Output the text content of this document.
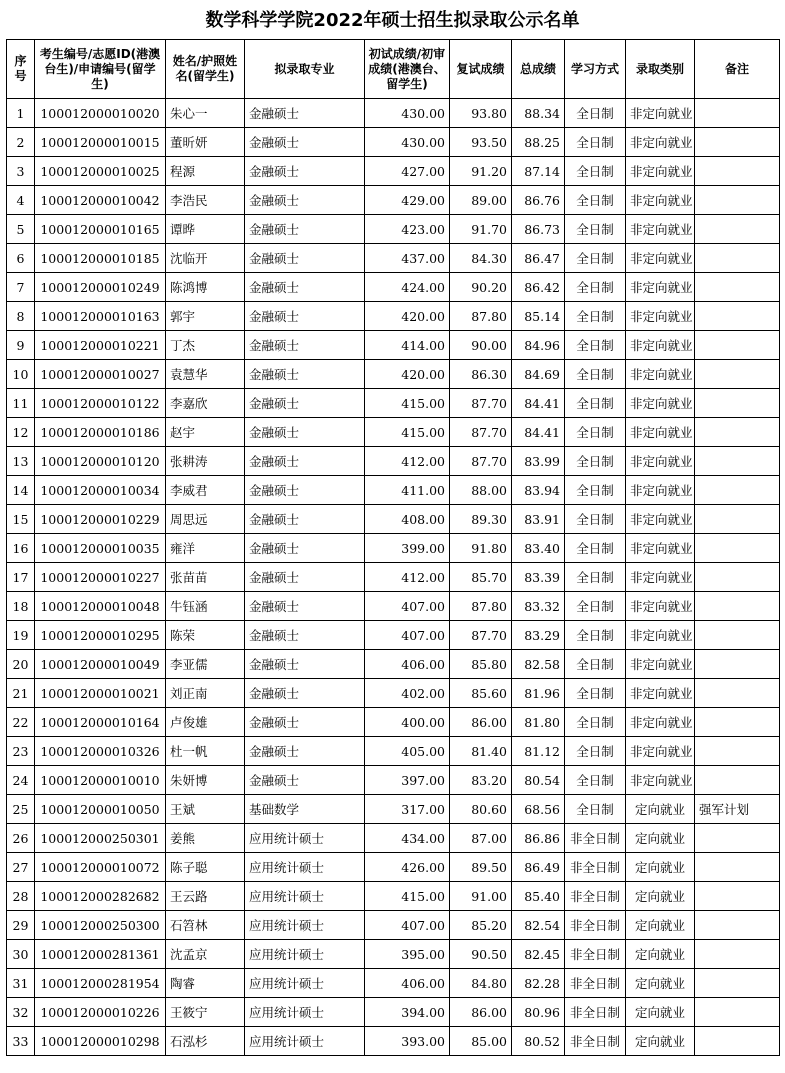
数学科学学院2022年硕士招生拟录取公示名单
序号	考生编号/志愿ID(港澳台生)/申请编号(留学生)	姓名/护照姓名(留学生)	拟录取专业	初试成绩/初审成绩(港澳台、留学生)	复试成绩	总成绩	学习方式	录取类别	备注
1	100012000010020	朱心一	金融硕士	430.00	93.80	88.34	全日制	非定向就业	
2	100012000010015	董昕妍	金融硕士	430.00	93.50	88.25	全日制	非定向就业	
3	100012000010025	程源	金融硕士	427.00	91.20	87.14	全日制	非定向就业	
4	100012000010042	李浩民	金融硕士	429.00	89.00	86.76	全日制	非定向就业	
5	100012000010165	谭晔	金融硕士	423.00	91.70	86.73	全日制	非定向就业	
6	100012000010185	沈临开	金融硕士	437.00	84.30	86.47	全日制	非定向就业	
7	100012000010249	陈鸿博	金融硕士	424.00	90.20	86.42	全日制	非定向就业	
8	100012000010163	郭宇	金融硕士	420.00	87.80	85.14	全日制	非定向就业	
9	100012000010221	丁杰	金融硕士	414.00	90.00	84.96	全日制	非定向就业	
10	100012000010027	袁慧华	金融硕士	420.00	86.30	84.69	全日制	非定向就业	
11	100012000010122	李嘉欣	金融硕士	415.00	87.70	84.41	全日制	非定向就业	
12	100012000010186	赵宇	金融硕士	415.00	87.70	84.41	全日制	非定向就业	
13	100012000010120	张耕涛	金融硕士	412.00	87.70	83.99	全日制	非定向就业	
14	100012000010034	李威君	金融硕士	411.00	88.00	83.94	全日制	非定向就业	
15	100012000010229	周思远	金融硕士	408.00	89.30	83.91	全日制	非定向就业	
16	100012000010035	雍洋	金融硕士	399.00	91.80	83.40	全日制	非定向就业	
17	100012000010227	张苗苗	金融硕士	412.00	85.70	83.39	全日制	非定向就业	
18	100012000010048	牛钰涵	金融硕士	407.00	87.80	83.32	全日制	非定向就业	
19	100012000010295	陈荣	金融硕士	407.00	87.70	83.29	全日制	非定向就业	
20	100012000010049	李亚儒	金融硕士	406.00	85.80	82.58	全日制	非定向就业	
21	100012000010021	刘正南	金融硕士	402.00	85.60	81.96	全日制	非定向就业	
22	100012000010164	卢俊雄	金融硕士	400.00	86.00	81.80	全日制	非定向就业	
23	100012000010326	杜一帆	金融硕士	405.00	81.40	81.12	全日制	非定向就业	
24	100012000010010	朱妍博	金融硕士	397.00	83.20	80.54	全日制	非定向就业	
25	100012000010050	王斌	基础数学	317.00	80.60	68.56	全日制	定向就业	强军计划
26	100012000250301	姜熊	应用统计硕士	434.00	87.00	86.86	非全日制	定向就业	
27	100012000010072	陈子聪	应用统计硕士	426.00	89.50	86.49	非全日制	定向就业	
28	100012000282682	王云路	应用统计硕士	415.00	91.00	85.40	非全日制	定向就业	
29	100012000250300	石笤林	应用统计硕士	407.00	85.20	82.54	非全日制	定向就业	
30	100012000281361	沈孟京	应用统计硕士	395.00	90.50	82.45	非全日制	定向就业	
31	100012000281954	陶睿	应用统计硕士	406.00	84.80	82.28	非全日制	定向就业	
32	100012000010226	王筱宁	应用统计硕士	394.00	86.00	80.96	非全日制	定向就业	
33	100012000010298	石泓杉	应用统计硕士	393.00	85.00	80.52	非全日制	定向就业	
